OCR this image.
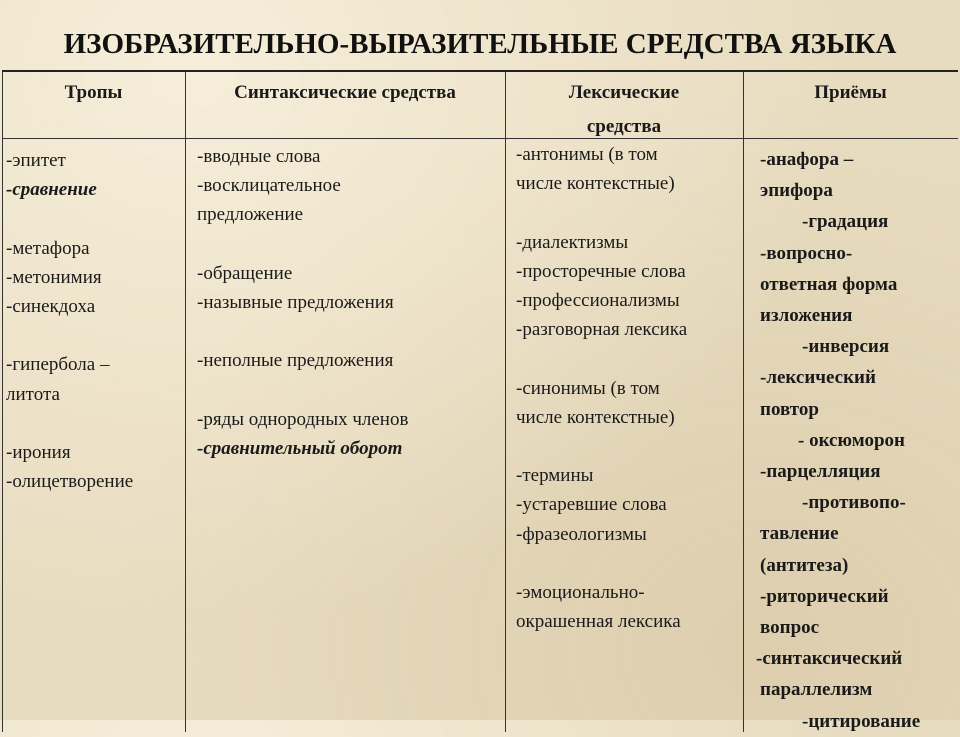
ИЗОБРАЗИТЕЛЬНО-ВЫРАЗИТЕЛЬНЫЕ СРЕДСТВА ЯЗЫКА
Тропы	Синтаксические средства	Лексические
средства
Приёмы
-эпитет
-сравнение
-метафора
-метонимия
-синекдоха
-гипербола –
литота
-ирония
-олицетворение
-вводные слова
-восклицательное
предложение
-обращение
-назывные предложения
-неполные предложения
-ряды однородных членов
-сравнительный оборот
-антонимы (в том
числе контекстные)
-диалектизмы
-просторечные слова
-профессионализмы
-разговорная лексика
-синонимы (в том
числе контекстные)
-термины
-устаревшие слова
-фразеологизмы
-эмоционально-
окрашенная лексика
-анафора –
эпифора
-градация
-вопросно-
ответная форма
изложения
-инверсия
-лексический
повтор
- оксюморон
-парцелляция
-противопо-
тавление
(антитеза)
-риторический
вопрос
-синтаксический
параллелизм
-цитирование
